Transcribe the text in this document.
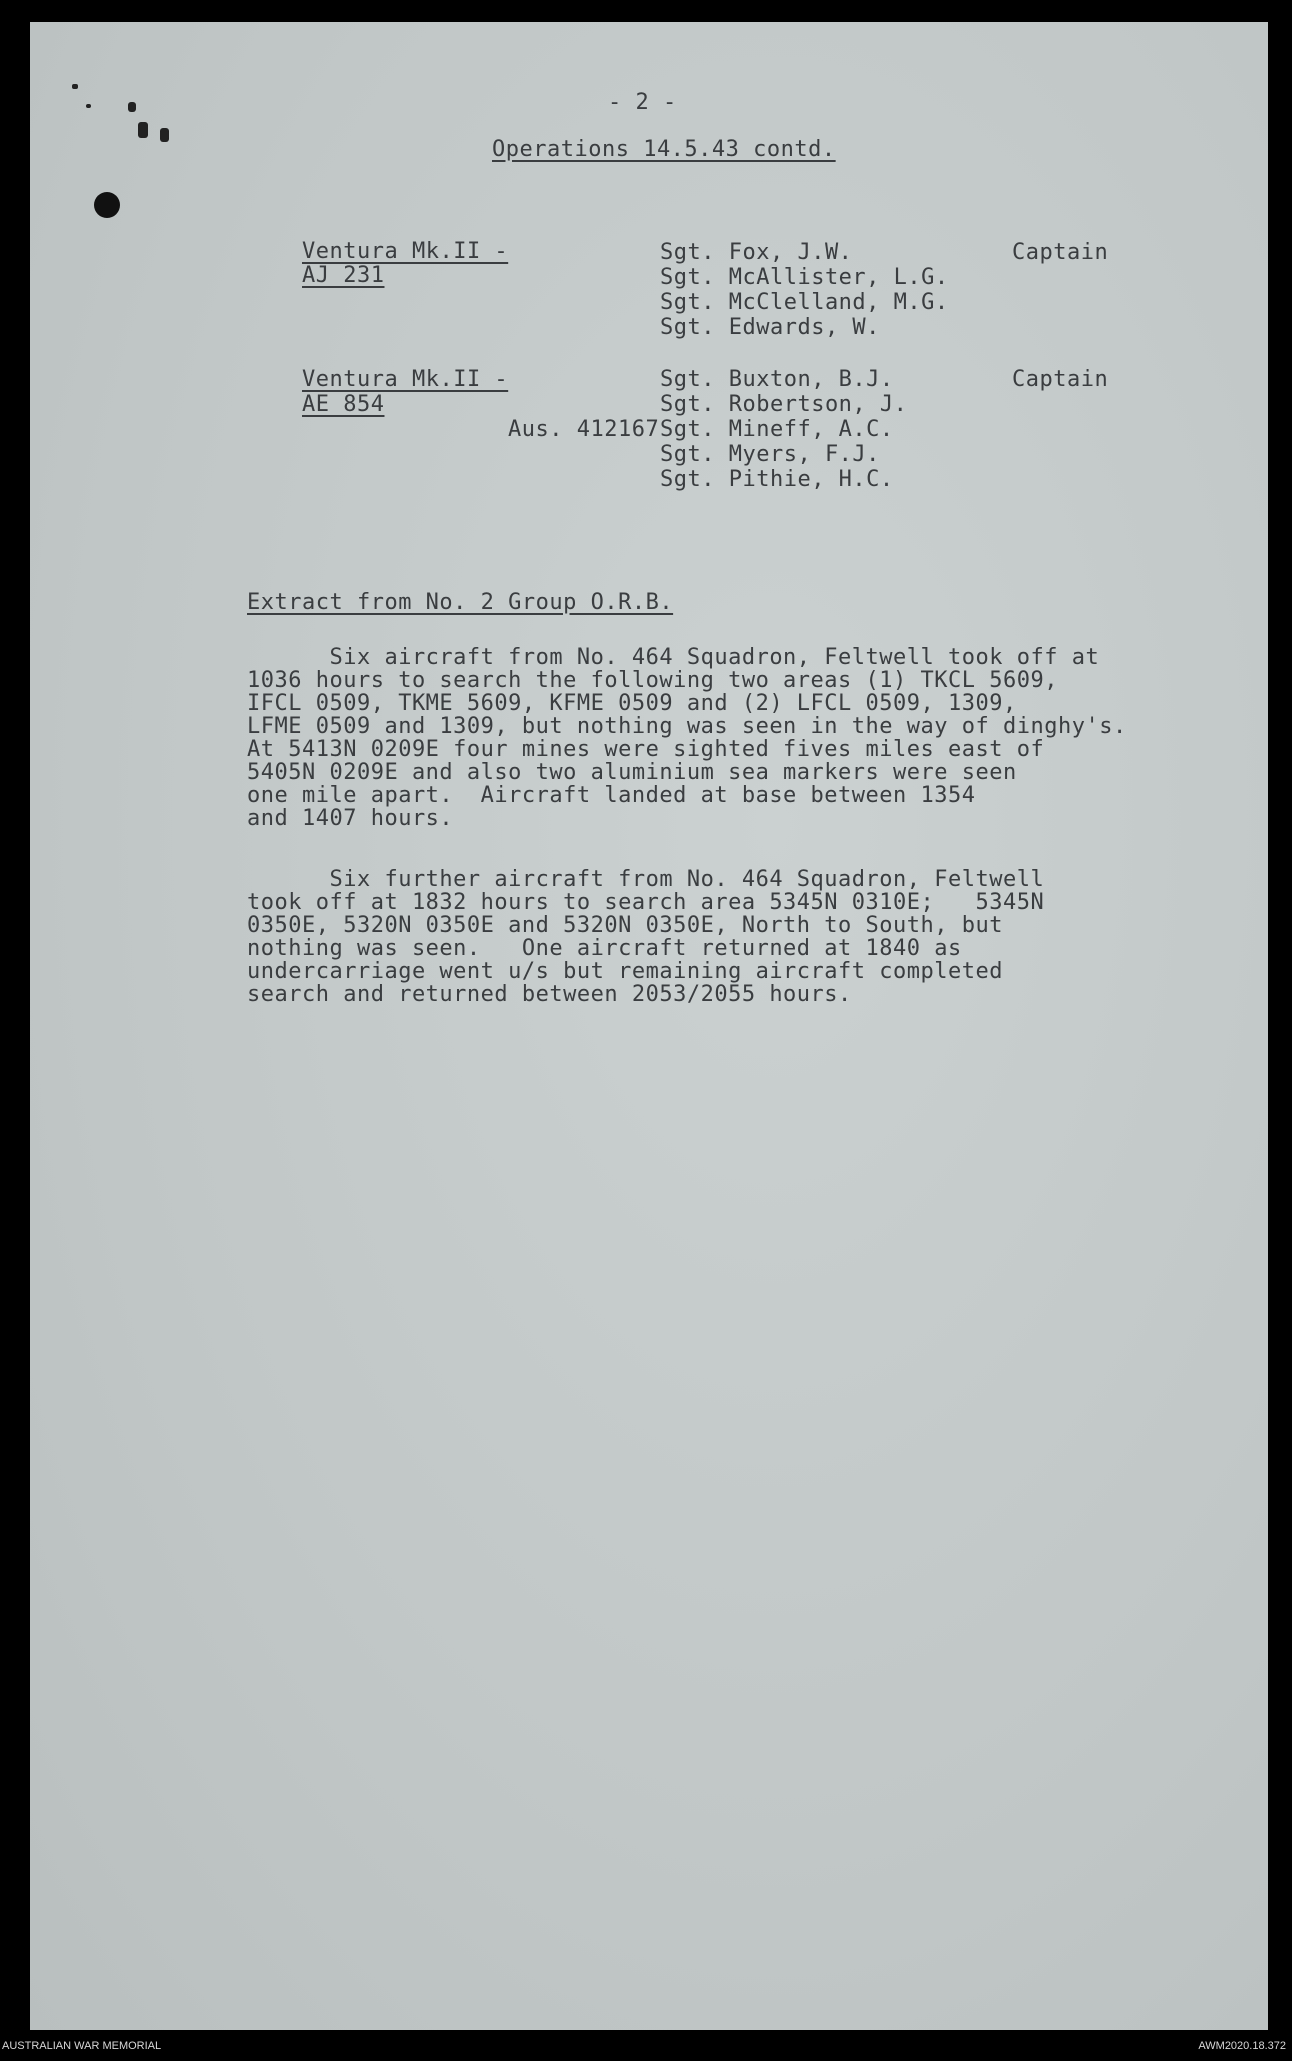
- 2 -
Operations 14.5.43 contd.
Ventura Mk.II -
AJ 231
Sgt. Fox, J.W.	Captain
Sgt. McAllister, L.G.
Sgt. McClelland, M.G.
Sgt. Edwards, W.
Ventura Mk.II -
AE 854
Sgt. Buxton, B.J.	Captain
Sgt. Robertson, J.
Aus. 412167 Sgt. Mineff, A.C.
Sgt. Myers, F.J.
Sgt. Pithie, H.C.
Extract from No. 2 Group O.R.B.
Six aircraft from No. 464 Squadron, Feltwell took off at
1036 hours to search the following two areas (1) TKCL 5609,
IFCL 0509, TKME 5609, KFME 0509 and (2) LFCL 0509, 1309,
LFME 0509 and 1309, but nothing was seen in the way of dinghy's.
At 5413N 0209E four mines were sighted fives miles east of
5405N 0209E and also two aluminium sea markers were seen
one mile apart.  Aircraft landed at base between 1354
and 1407 hours.
Six further aircraft from No. 464 Squadron, Feltwell
took off at 1832 hours to search area 5345N 0310E;   5345N
0350E, 5320N 0350E and 5320N 0350E, North to South, but
nothing was seen.   One aircraft returned at 1840 as
undercarriage went u/s but remaining aircraft completed
search and returned between 2053/2055 hours.
AUSTRALIAN WAR MEMORIAL	AWM2020.18.372
